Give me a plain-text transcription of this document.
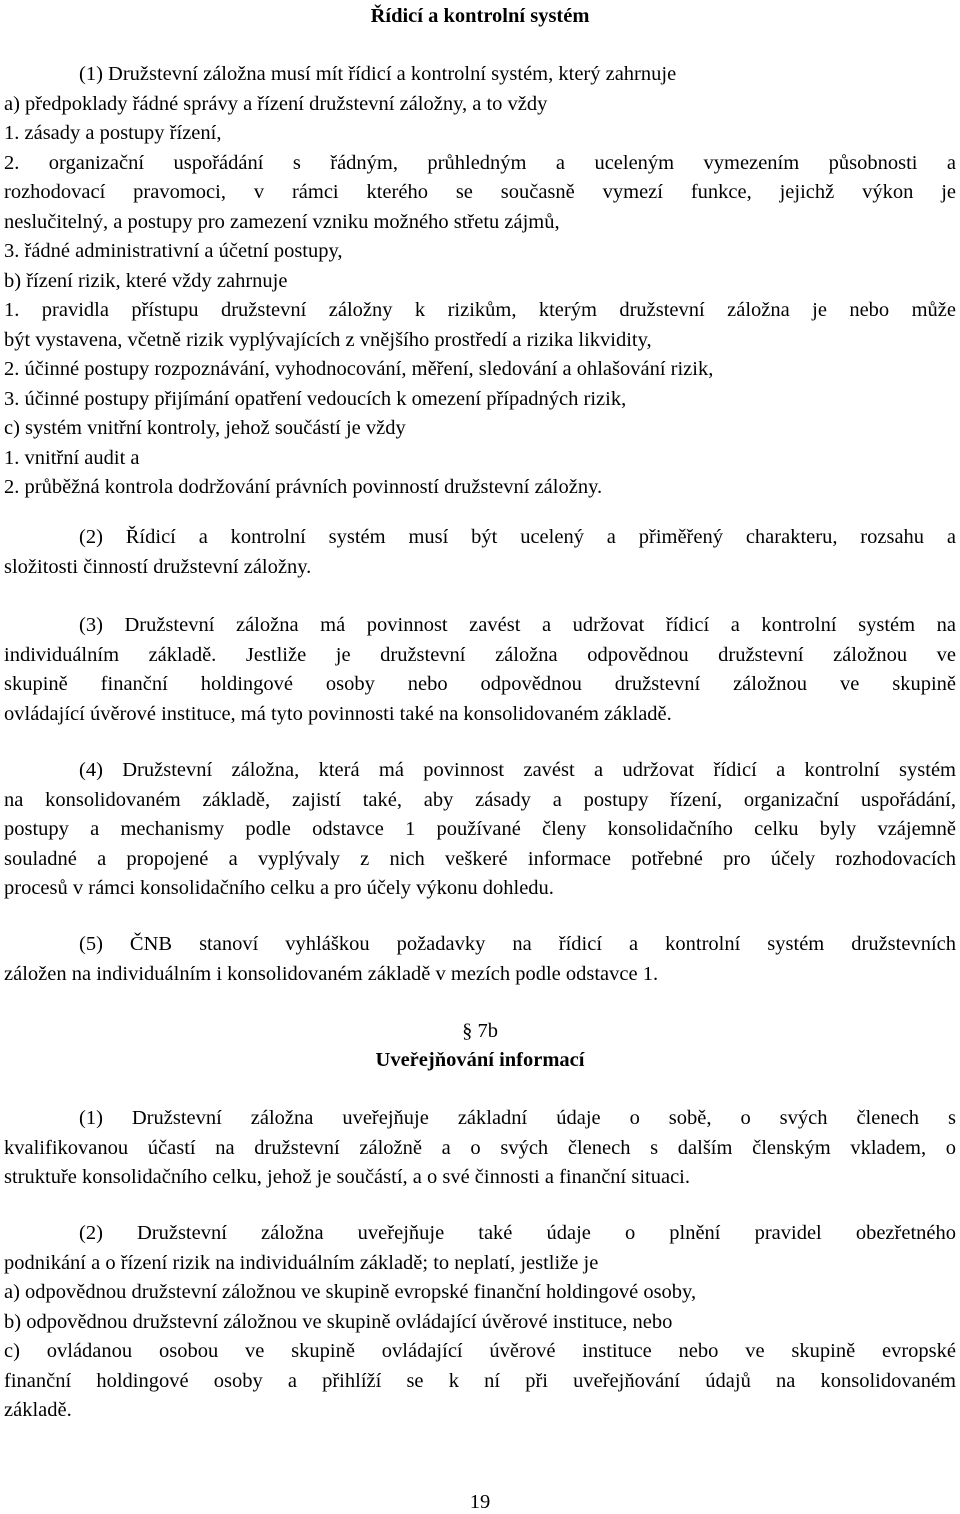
Řídicí a kontrolní systém
(1) Družstevní záložna musí mít řídicí a kontrolní systém, který zahrnuje
a) předpoklady řádné správy a řízení družstevní záložny, a to vždy
1. zásady a postupy řízení,
2. organizační uspořádání s řádným, průhledným a uceleným vymezením působnosti a
rozhodovací pravomoci, v rámci kterého se současně vymezí funkce, jejichž výkon je
neslučitelný, a postupy pro zamezení vzniku možného střetu zájmů,
3. řádné administrativní a účetní postupy,
b) řízení rizik, které vždy zahrnuje
1. pravidla přístupu družstevní záložny k rizikům, kterým družstevní záložna je nebo může
být vystavena, včetně rizik vyplývajících z vnějšího prostředí a rizika likvidity,
2. účinné postupy rozpoznávání, vyhodnocování, měření, sledování a ohlašování rizik,
3. účinné postupy přijímání opatření vedoucích k omezení případných rizik,
c) systém vnitřní kontroly, jehož součástí je vždy
1. vnitřní audit a
2. průběžná kontrola dodržování právních povinností družstevní záložny.
(2) Řídicí a kontrolní systém musí být ucelený a přiměřený charakteru, rozsahu a
složitosti činností družstevní záložny.
(3) Družstevní záložna má povinnost zavést a udržovat řídicí a kontrolní systém na
individuálním základě. Jestliže je družstevní záložna odpovědnou družstevní záložnou ve
skupině finanční holdingové osoby nebo odpovědnou družstevní záložnou ve skupině
ovládající úvěrové instituce, má tyto povinnosti také na konsolidovaném základě.
(4) Družstevní záložna, která má povinnost zavést a udržovat řídicí a kontrolní systém
na konsolidovaném základě, zajistí také, aby zásady a postupy řízení, organizační uspořádání,
postupy a mechanismy podle odstavce 1 používané členy konsolidačního celku byly vzájemně
souladné a propojené a vyplývaly z nich veškeré informace potřebné pro účely rozhodovacích
procesů v rámci konsolidačního celku a pro účely výkonu dohledu.
(5) ČNB stanoví vyhláškou požadavky na řídicí a kontrolní systém družstevních
záložen na individuálním i konsolidovaném základě v mezích podle odstavce 1.
§ 7b
Uveřejňování informací
(1) Družstevní záložna uveřejňuje základní údaje o sobě, o svých členech s
kvalifikovanou účastí na družstevní záložně a o svých členech s dalším členským vkladem, o
struktuře konsolidačního celku, jehož je součástí, a o své činnosti a finanční situaci.
(2) Družstevní záložna uveřejňuje také údaje o plnění pravidel obezřetného
podnikání a o řízení rizik na individuálním základě; to neplatí, jestliže je
a) odpovědnou družstevní záložnou ve skupině evropské finanční holdingové osoby,
b) odpovědnou družstevní záložnou ve skupině ovládající úvěrové instituce, nebo
c) ovládanou osobou ve skupině ovládající úvěrové instituce nebo ve skupině evropské
finanční holdingové osoby a přihlíží se k ní při uveřejňování údajů na konsolidovaném
základě.
19
